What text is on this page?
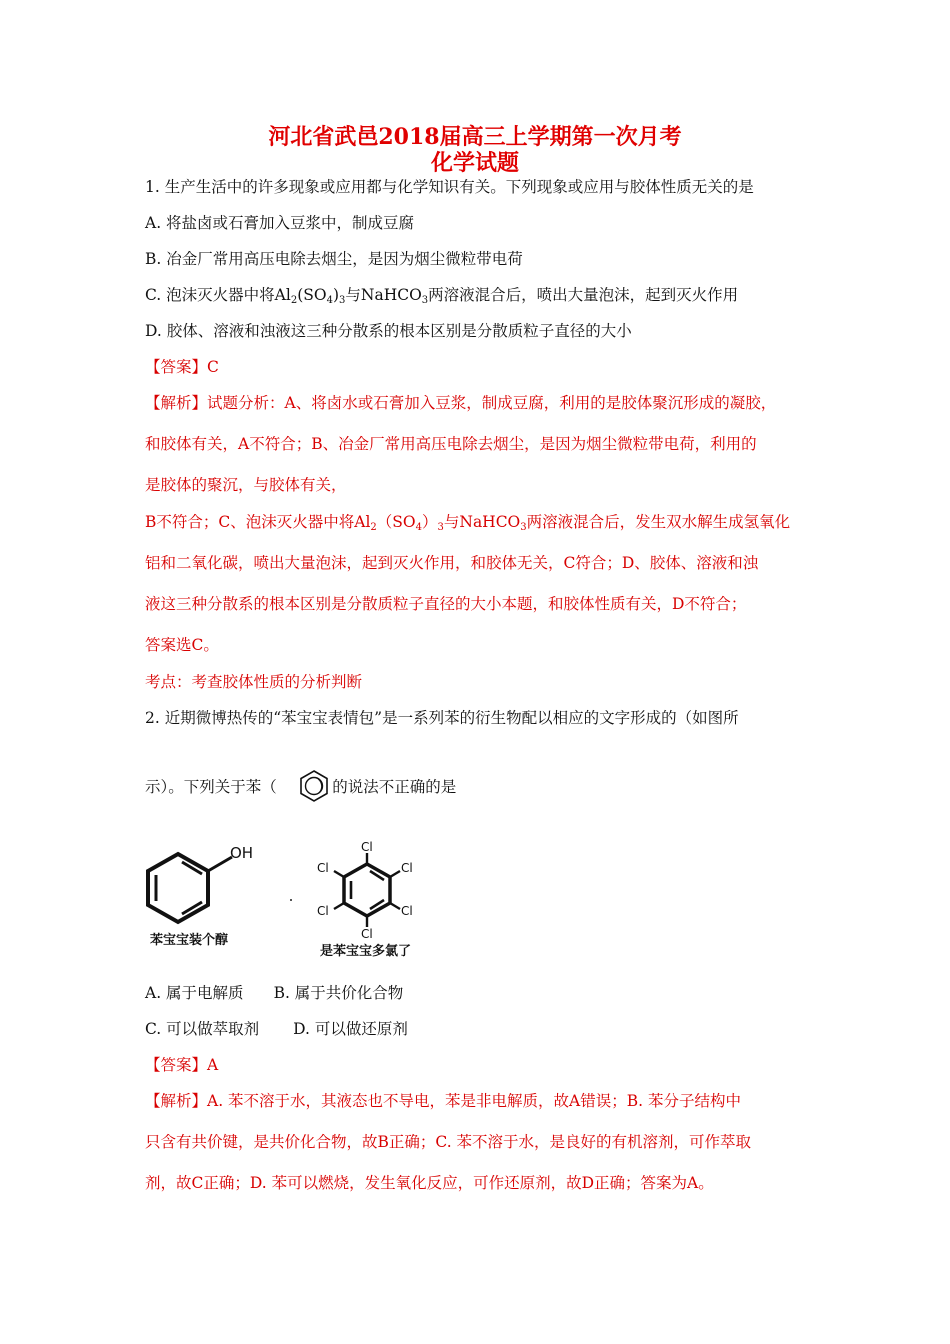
河北省武邑2018届高三上学期第一次月考
化学试题
1. 生产生活中的许多现象或应用都与化学知识有关。下列现象或应用与胶体性质无关的是
A. 将盐卤或石膏加入豆浆中，制成豆腐
B. 冶金厂常用高压电除去烟尘，是因为烟尘微粒带电荷
C. 泡沫灭火器中将$Al_2(SO_4)_3$与NaHCO$_3$两溶液混合后，喷出大量泡沫，起到灭火作用
D. 胶体、溶液和浊液这三种分散系的根本区别是分散质粒子直径的大小
【答案】C
【解析】试题分析：A、将卤水或石膏加入豆浆，制成豆腐，利用的是胶体聚沉形成的凝胶，
和胶体有关，A不符合；B、冶金厂常用高压电除去烟尘，是因为烟尘微粒带电荷，利用的
是胶体的聚沉，与胶体有关，
B不符合；C、泡沫灭火器中将$Al_2(SO_4)_3$与NaHCO$_3$两溶液混合后，发生双水解生成氢氧化
铝和二氧化碳，喷出大量泡沫，起到灭火作用，和胶体无关，C符合；D、胶体、溶液和浊
液这三种分散系的根本区别是分散质粒子直径的大小本题，和胶体性质有关，D不符合；
答案选C。
考点：考查胶体性质的分析判断
2. 近期微博热传的“苯宝宝表情包”是一系列苯的衍生物配以相应的文字形成的（如图所
示）。下列关于苯（	）的说法不正确的是
OH
苯宝宝装个醇
Cl
Cl
Cl
Cl
Cl
Cl
是苯宝宝多氯了
A. 属于电解质 B. 属于共价化合物
C. 可以做萃取剂 D. 可以做还原剂
【答案】A
【解析】A. 苯不溶于水，其液态也不导电，苯是非电解质，故A错误；B. 苯分子结构中
只含有共价键，是共价化合物，故B正确；C. 苯不溶于水，是良好的有机溶剂，可作萃取
剂，故C正确；D. 苯可以燃烧，发生氧化反应，可作还原剂，故D正确；答案为A。
